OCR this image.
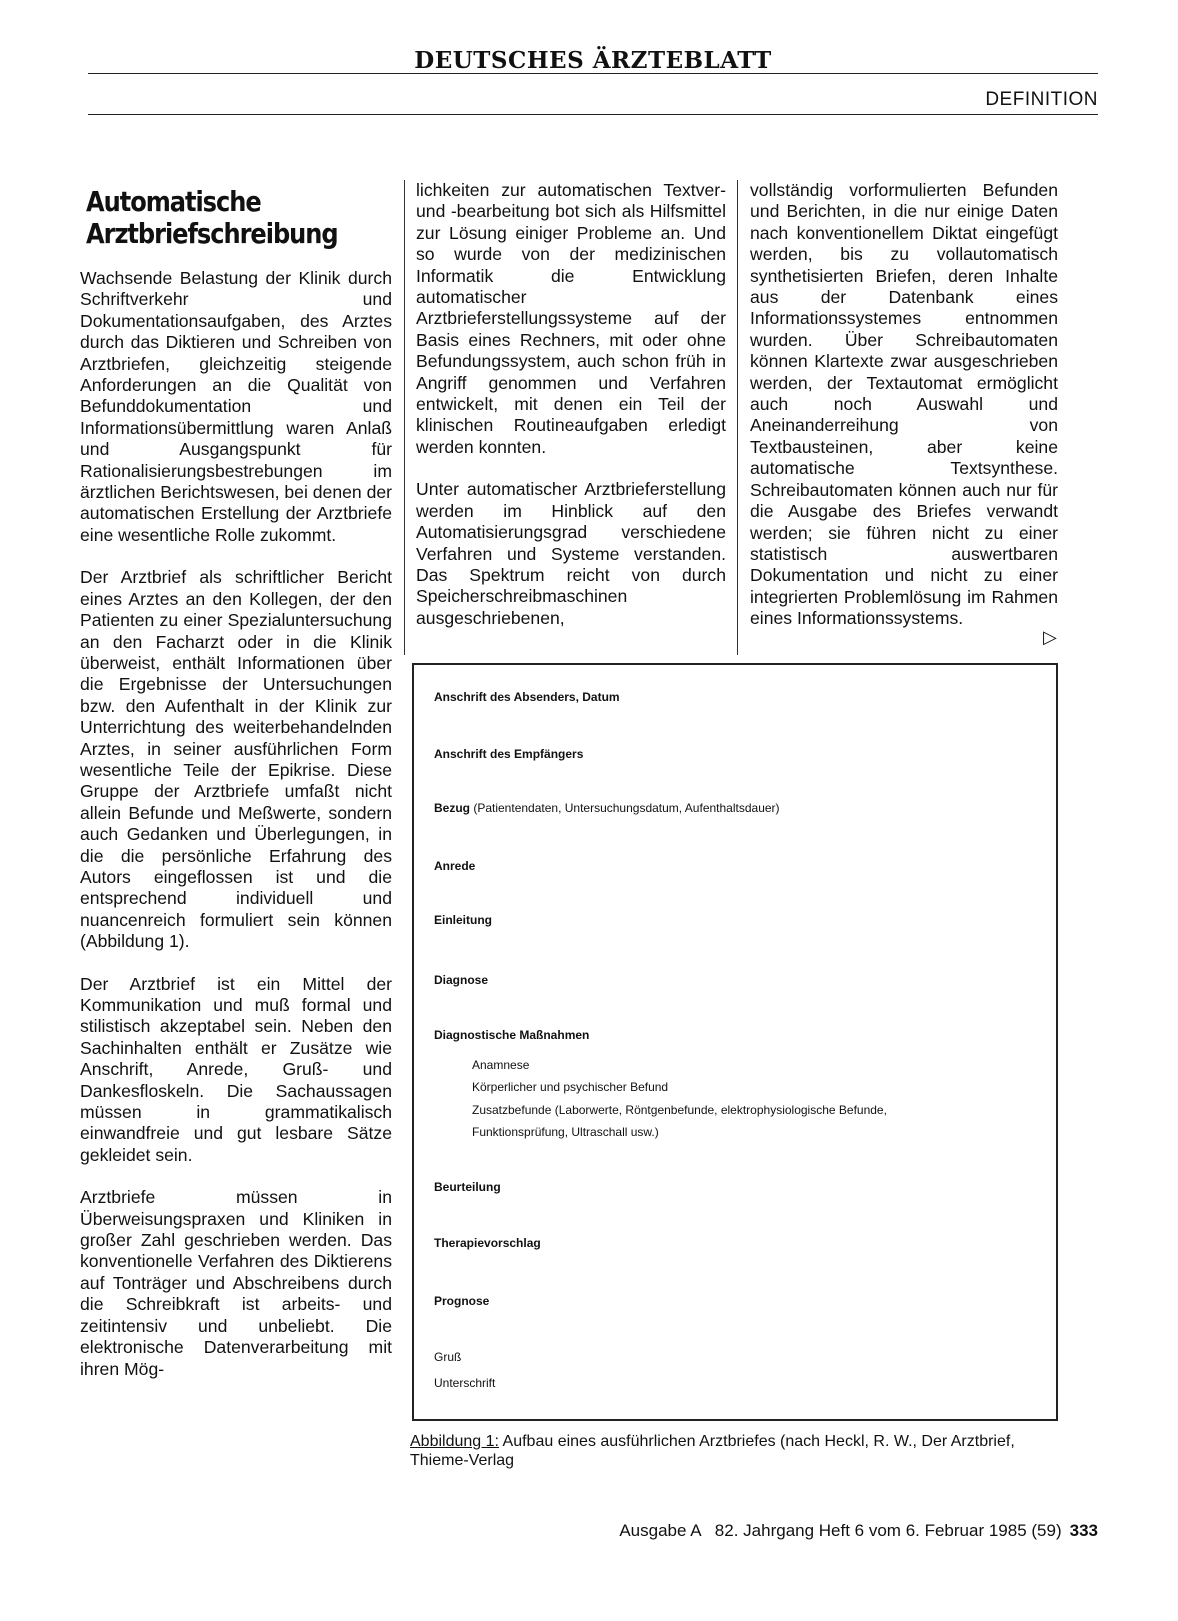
DEUTSCHES ÄRZTEBLATT
DEFINITION
Automatische
Arztbriefschreibung

Wachsende Belastung der Klinik durch Schriftverkehr und Dokumentationsaufgaben, des Arztes durch das Diktieren und Schreiben von Arztbriefen, gleichzeitig steigende Anforderungen an die Qualität von Befunddokumentation und Informationsübermittlung waren Anlaß und Ausgangspunkt für Rationalisierungsbestrebungen im ärztlichen Berichtswesen, bei denen der automatischen Erstellung der Arztbriefe eine wesentliche Rolle zukommt.

Der Arztbrief als schriftlicher Bericht eines Arztes an den Kollegen, der den Patienten zu einer Spezialuntersuchung an den Facharzt oder in die Klinik überweist, enthält Informationen über die Ergebnisse der Untersuchungen bzw. den Aufenthalt in der Klinik zur Unterrichtung des weiterbehandelnden Arztes, in seiner ausführlichen Form wesentliche Teile der Epikrise. Diese Gruppe der Arztbriefe umfaßt nicht allein Befunde und Meßwerte, sondern auch Gedanken und Überlegungen, in die die persönliche Erfahrung des Autors eingeflossen ist und die entsprechend individuell und nuancenreich formuliert sein können (Abbildung 1).

Der Arztbrief ist ein Mittel der Kommunikation und muß formal und stilistisch akzeptabel sein. Neben den Sachinhalten enthält er Zusätze wie Anschrift, Anrede, Gruß- und Dankesfloskeln. Die Sachaussagen müssen in grammatikalisch einwandfreie und gut lesbare Sätze gekleidet sein.

Arztbriefe müssen in Überweisungspraxen und Kliniken in großer Zahl geschrieben werden. Das konventionelle Verfahren des Diktierens auf Tonträger und Abschreibens durch die Schreibkraft ist arbeits- und zeitintensiv und unbeliebt. Die elektronische Datenverarbeitung mit ihren Mög-

lichkeiten zur automatischen Textver- und -bearbeitung bot sich als Hilfsmittel zur Lösung einiger Probleme an. Und so wurde von der medizinischen Informatik die Entwicklung automatischer Arztbrieferstellungssysteme auf der Basis eines Rechners, mit oder ohne Befundungssystem, auch schon früh in Angriff genommen und Verfahren entwickelt, mit denen ein Teil der klinischen Routineaufgaben erledigt werden konnten.

Unter automatischer Arztbrieferstellung werden im Hinblick auf den Automatisierungsgrad verschiedene Verfahren und Systeme verstanden. Das Spektrum reicht von durch Speicherschreibmaschinen ausgeschriebenen,

vollständig vorformulierten Befunden und Berichten, in die nur einige Daten nach konventionellem Diktat eingefügt werden, bis zu vollautomatisch synthetisierten Briefen, deren Inhalte aus der Datenbank eines Informationssystemes entnommen wurden. Über Schreibautomaten können Klartexte zwar ausgeschrieben werden, der Textautomat ermöglicht auch noch Auswahl und Aneinanderreihung von Textbausteinen, aber keine automatische Textsynthese. Schreibautomaten können auch nur für die Ausgabe des Briefes verwandt werden; sie führen nicht zu einer statistisch auswertbaren Dokumentation und nicht zu einer integrierten Problemlösung im Rahmen eines Informationssystems.

▷
Anschrift des Absenders, Datum
Anschrift des Empfängers
Bezug (Patientendaten, Untersuchungsdatum, Aufenthaltsdauer)
Anrede
Einleitung
Diagnose
Diagnostische Maßnahmen
Anamnese
Körperlicher und psychischer Befund
Zusatzbefunde (Laborwerte, Röntgenbefunde, elektrophysiologische Befunde,
Funktionsprüfung, Ultraschall usw.)
Beurteilung
Therapievorschlag
Prognose
Gruß
Unterschrift
Abbildung 1: Aufbau eines ausführlichen Arztbriefes (nach Heckl, R. W., Der Arztbrief, Thieme-Verlag
Ausgabe A   82. Jahrgang Heft 6 vom 6. Februar 1985 (59) 333
